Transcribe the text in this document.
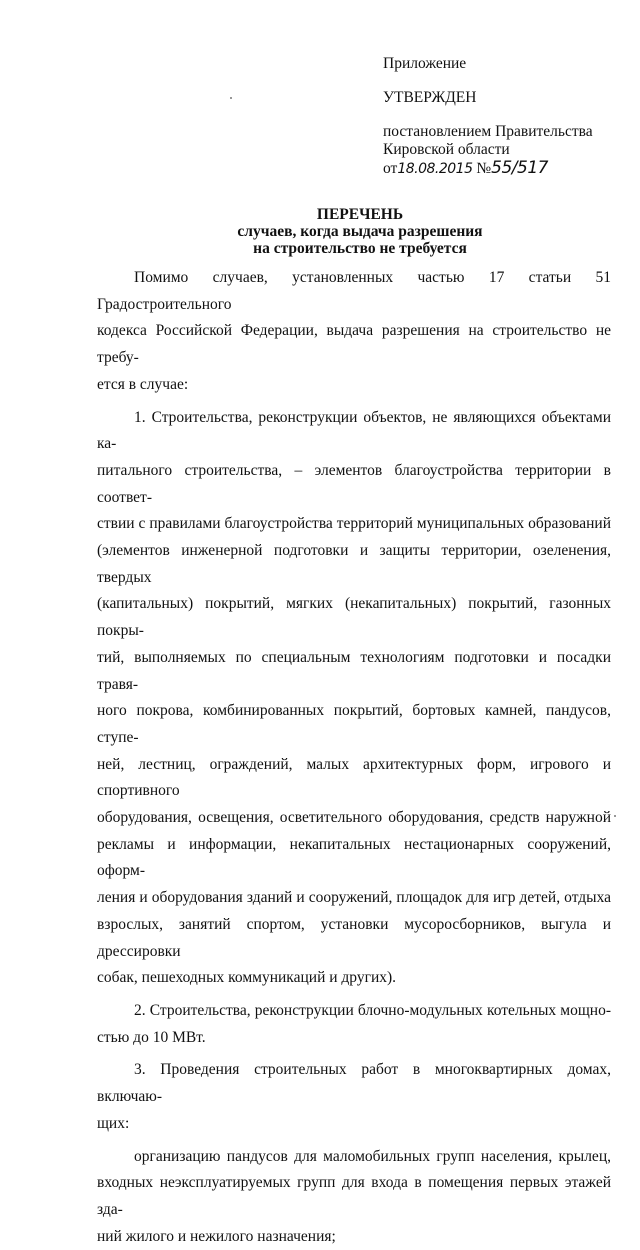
Приложение
УТВЕРЖДЕН
постановлением Правительства
Кировской области
от18.08.2015 №55/517
ПЕРЕЧЕНЬ
случаев, когда выдача разрешения
на строительство не требуется
Помимо случаев, установленных частью 17 статьи 51 Градостроительного
кодекса Российской Федерации, выдача разрешения на строительство не требу-
ется в случае:
1. Строительства, реконструкции объектов, не являющихся объектами ка-
питального строительства, – элементов благоустройства территории в соответ-
ствии с правилами благоустройства территорий муниципальных образований
(элементов инженерной подготовки и защиты территории, озеленения, твердых
(капитальных) покрытий, мягких (некапитальных) покрытий, газонных покры-
тий, выполняемых по специальным технологиям подготовки и посадки травя-
ного покрова, комбинированных покрытий, бортовых камней, пандусов, ступе-
ней, лестниц, ограждений, малых архитектурных форм, игрового и спортивного
оборудования, освещения, осветительного оборудования, средств наружной
рекламы и информации, некапитальных нестационарных сооружений, оформ-
ления и оборудования зданий и сооружений, площадок для игр детей, отдыха
взрослых, занятий спортом, установки мусоросборников, выгула и дрессировки
собак, пешеходных коммуникаций и других).
2. Строительства, реконструкции блочно-модульных котельных мощно-
стью до 10 МВт.
3. Проведения строительных работ в многоквартирных домах, включаю-
щих:
организацию пандусов для маломобильных групп населения, крылец,
входных неэксплуатируемых групп для входа в помещения первых этажей зда-
ний жилого и нежилого назначения;
